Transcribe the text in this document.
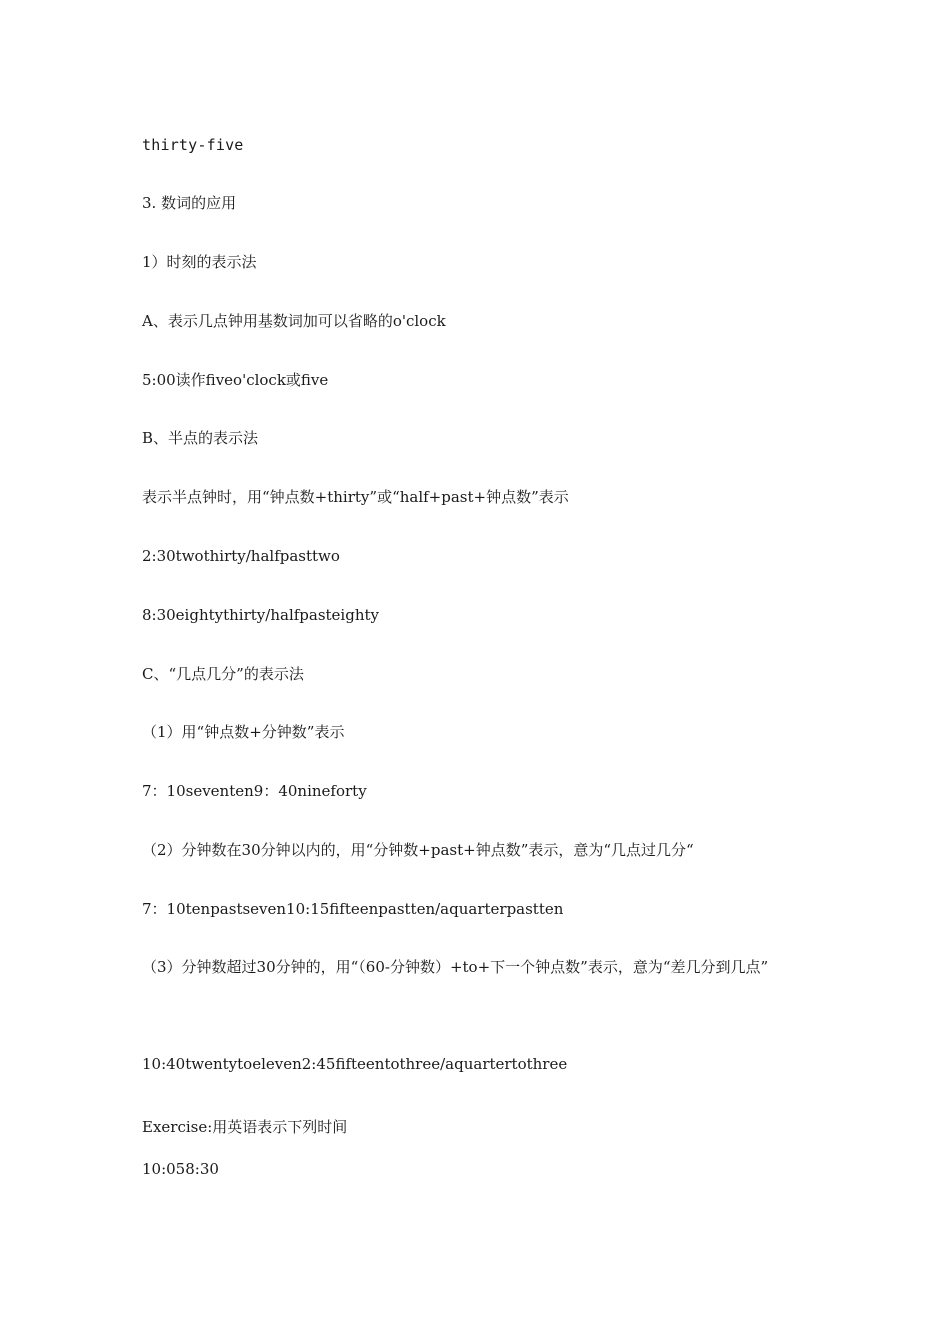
thirty-five
3. 数词的应用
1）时刻的表示法
A、表示几点钟用基数词加可以省略的o'clock
5:00读作fiveo'clock或five
B、半点的表示法
表示半点钟时，用“钟点数+thirty”或“half+past+钟点数”表示
2:30twothirty/halfpasttwo
8:30eightythirty/halfpasteighty
C、“几点几分”的表示法
（1）用“钟点数+分钟数”表示
7：10seventen9：40nineforty
（2）分钟数在30分钟以内的，用“分钟数+past+钟点数”表示，意为“几点过几分“
7：10tenpastseven10:15fifteenpastten/aquarterpastten
（3）分钟数超过30分钟的，用“（60-分钟数）+to+下一个钟点数”表示，意为“差几分到几点”
10:40twentytoeleven2:45fifteentothree/aquartertothree
Exercise:用英语表示下列时间
10:058:30
